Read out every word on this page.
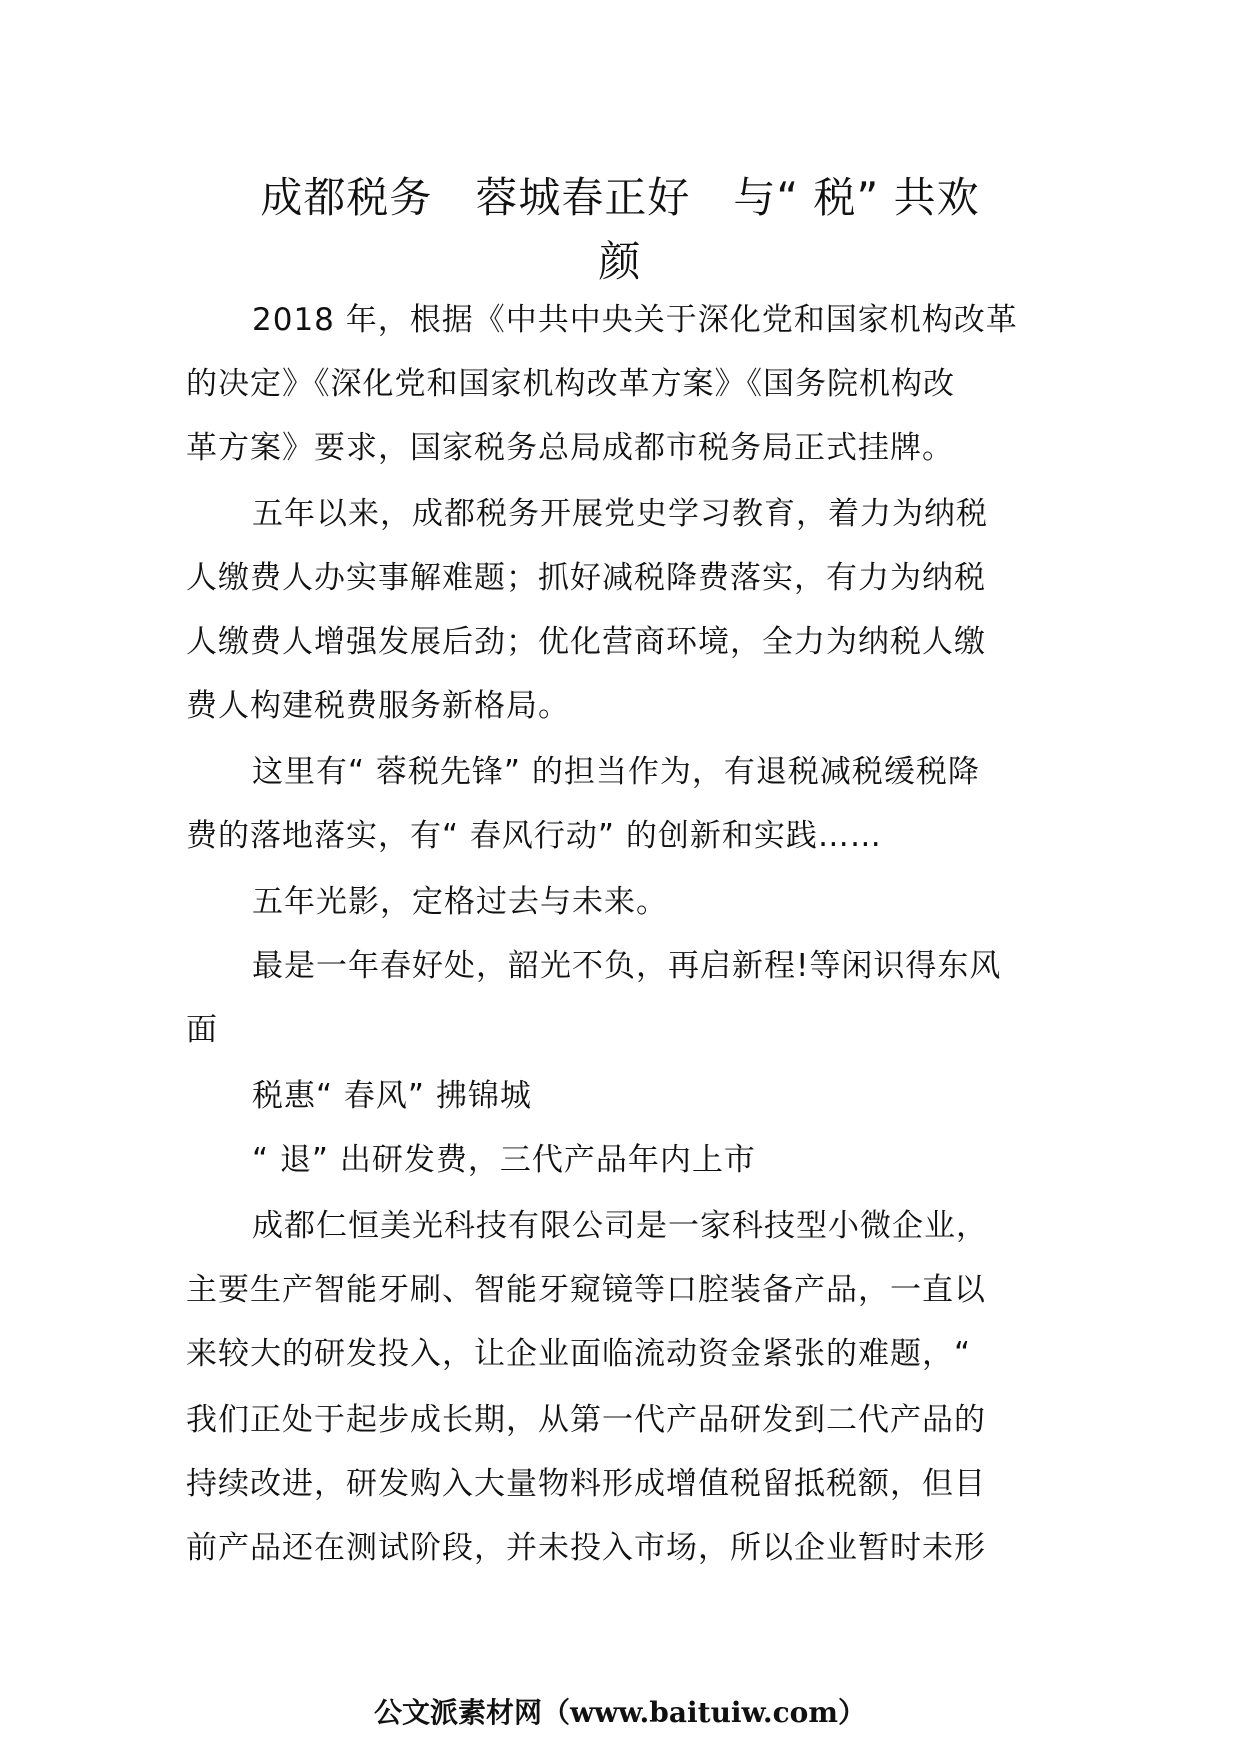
成都税务　蓉城春正好　与“ 税” 共欢
颜
2018 年，根据《中共中央关于深化党和国家机构改革
的决定》《深化党和国家机构改革方案》《国务院机构改
革方案》要求，国家税务总局成都市税务局正式挂牌。
五年以来，成都税务开展党史学习教育，着力为纳税
人缴费人办实事解难题；抓好减税降费落实，有力为纳税
人缴费人增强发展后劲；优化营商环境，全力为纳税人缴
费人构建税费服务新格局。
这里有“ 蓉税先锋” 的担当作为，有退税减税缓税降
费的落地落实，有“ 春风行动” 的创新和实践……
五年光影，定格过去与未来。
最是一年春好处，韶光不负，再启新程!等闲识得东风
面
税惠“ 春风” 拂锦城
“ 退” 出研发费，三代产品年内上市
成都仁恒美光科技有限公司是一家科技型小微企业，
主要生产智能牙刷、智能牙窥镜等口腔装备产品，一直以
来较大的研发投入，让企业面临流动资金紧张的难题，“
我们正处于起步成长期，从第一代产品研发到二代产品的
持续改进，研发购入大量物料形成增值税留抵税额，但目
前产品还在测试阶段，并未投入市场，所以企业暂时未形
公文派素材网（www.baituiw.com）
